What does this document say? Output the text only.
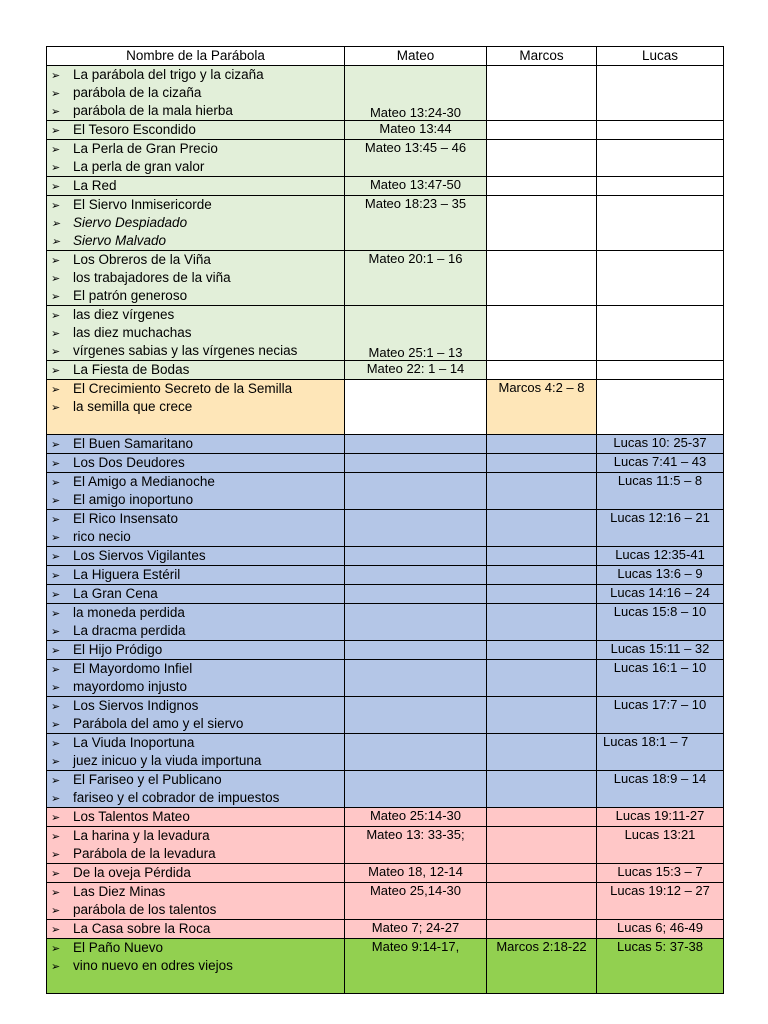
Nombre de la Parábola	Mateo	Marcos	Lucas

➢ La parábola del trigo y la cizaña
➢ parábola de la cizaña
➢ parábola de la mala hierba	Mateo 13:24-30		

➢ El Tesoro Escondido	Mateo 13:44		

➢ La Perla de Gran Precio
➢ La perla de gran valor	Mateo 13:45 – 46		

➢ La Red	Mateo 13:47-50		

➢ El Siervo Inmisericorde
➢ Siervo Despiadado
➢ Siervo Malvado	Mateo 18:23 – 35		

➢ Los Obreros de la Viña
➢ los trabajadores de la viña
➢ El patrón generoso	Mateo 20:1 – 16		

➢ las diez vírgenes
➢ las diez muchachas
➢ vírgenes sabias y las vírgenes necias	Mateo 25:1 – 13		

➢ La Fiesta de Bodas	Mateo 22: 1 – 14		

➢ El Crecimiento Secreto de la Semilla
➢ la semilla que crece		Marcos 4:2 – 8	

➢ El Buen Samaritano			Lucas 10: 25-37

➢ Los Dos Deudores			Lucas 7:41 – 43

➢ El Amigo a Medianoche
➢ El amigo inoportuno			Lucas 11:5 – 8

➢ El Rico Insensato
➢ rico necio			Lucas 12:16 – 21

➢ Los Siervos Vigilantes			Lucas 12:35-41

➢ La Higuera Estéril			Lucas 13:6 – 9

➢ La Gran Cena			Lucas 14:16 – 24

➢ la moneda perdida
➢ La dracma perdida			Lucas 15:8 – 10

➢ El Hijo Pródigo			Lucas 15:11 – 32

➢ El Mayordomo Infiel
➢ mayordomo injusto			Lucas 16:1 – 10

➢ Los Siervos Indignos
➢ Parábola del amo y el siervo			Lucas 17:7 – 10

➢ La Viuda Inoportuna
➢ juez inicuo y la viuda importuna			Lucas 18:1 – 7

➢ El Fariseo y el Publicano
➢ fariseo y el cobrador de impuestos			Lucas 18:9 – 14

➢ Los Talentos Mateo	Mateo 25:14-30		Lucas 19:11-27

➢ La harina y la levadura
➢ Parábola de la levadura	Mateo 13: 33-35;		Lucas 13:21

➢ De la oveja Pérdida	Mateo 18, 12-14		Lucas 15:3 – 7

➢ Las Diez Minas
➢ parábola de los talentos	Mateo 25,14-30		Lucas 19:12 – 27

➢ La Casa sobre la Roca	Mateo 7; 24-27		Lucas 6; 46-49

➢ El Paño Nuevo
➢ vino nuevo en odres viejos	Mateo 9:14-17,	Marcos 2:18-22	Lucas 5: 37-38
